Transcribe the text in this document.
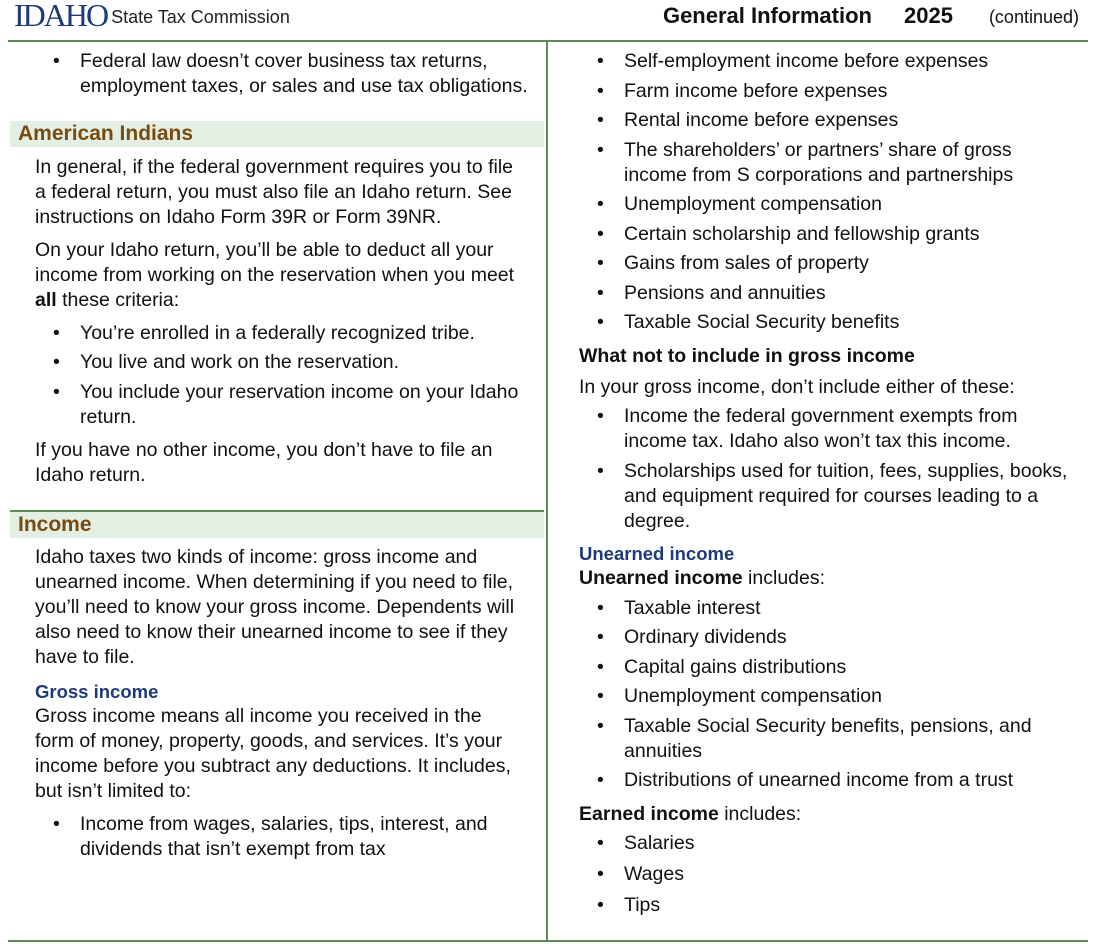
IDAHO State Tax Commission	General Information 2025 (continued)
• Federal law doesn’t cover business tax returns, employment taxes, or sales and use tax obligations.
American Indians

In general, if the federal government requires you to file a federal return, you must also file an Idaho return. See instructions on Idaho Form 39R or Form 39NR.

On your Idaho return, you’ll be able to deduct all your income from working on the reservation when you meet all these criteria:

• You’re enrolled in a federally recognized tribe.
• You live and work on the reservation.
• You include your reservation income on your Idaho return.

If you have no other income, you don’t have to file an Idaho return.

Income

Idaho taxes two kinds of income: gross income and unearned income. When determining if you need to file, you’ll need to know your gross income. Dependents will also need to know their unearned income to see if they have to file.

Gross income

Gross income means all income you received in the form of money, property, goods, and services. It’s your income before you subtract any deductions. It includes, but isn’t limited to:

• Income from wages, salaries, tips, interest, and dividends that isn’t exempt from tax
• Self-employment income before expenses
• Farm income before expenses
• Rental income before expenses
• The shareholders’ or partners’ share of gross income from S corporations and partnerships
• Unemployment compensation
• Certain scholarship and fellowship grants
• Gains from sales of property
• Pensions and annuities
• Taxable Social Security benefits
What not to include in gross income

In your gross income, don’t include either of these:

• Income the federal government exempts from income tax. Idaho also won’t tax this income.
• Scholarships used for tuition, fees, supplies, books, and equipment required for courses leading to a degree.
Unearned income

Unearned income includes:

• Taxable interest
• Ordinary dividends
• Capital gains distributions
• Unemployment compensation
• Taxable Social Security benefits, pensions, and annuities
• Distributions of unearned income from a trust

Earned income includes:

• Salaries
• Wages
• Tips
